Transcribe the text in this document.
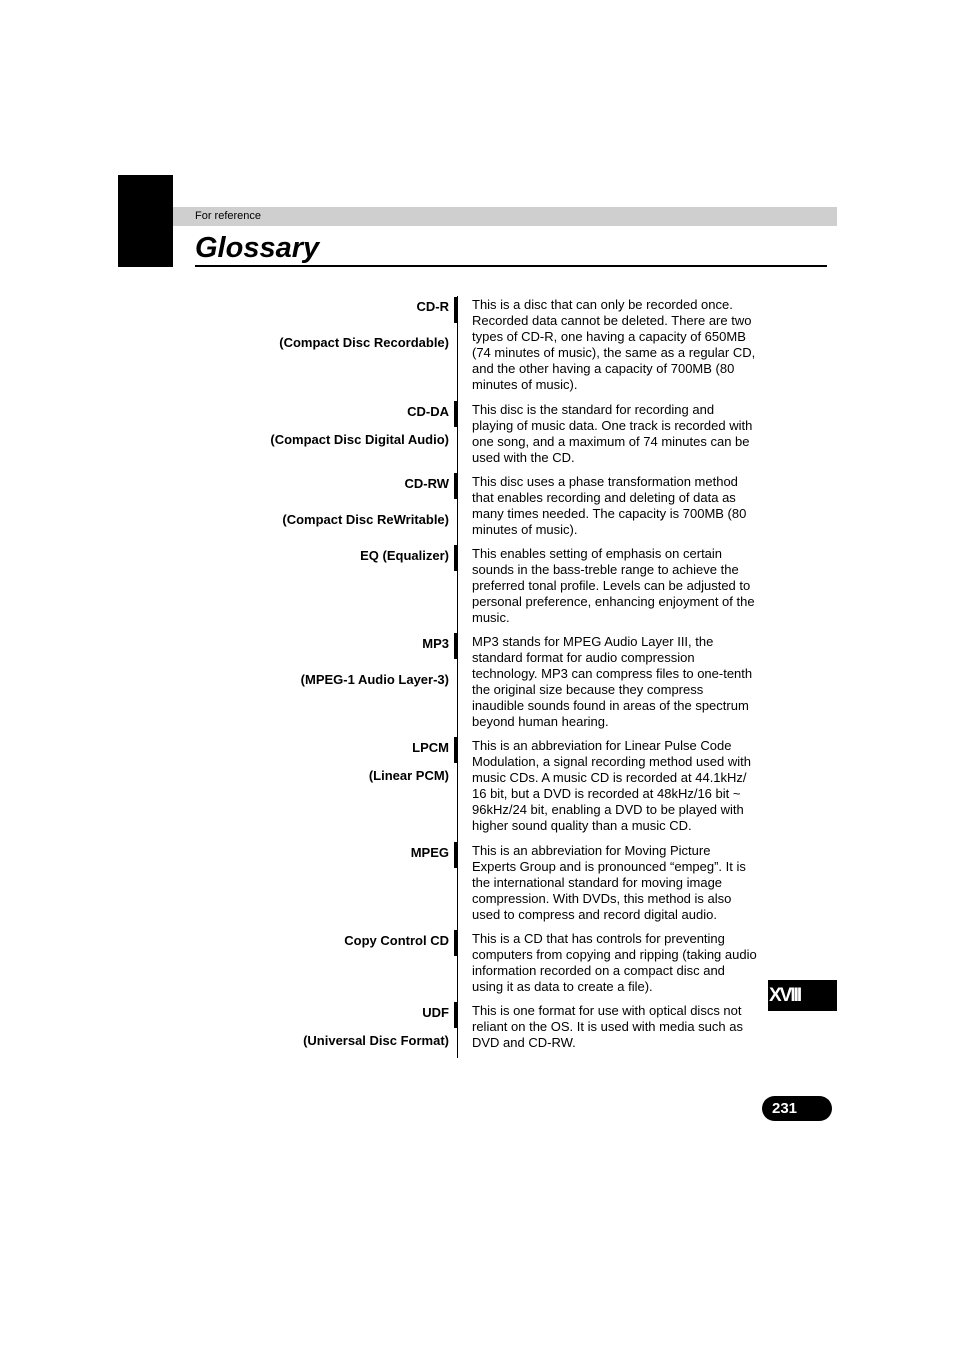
For reference
Glossary
CD-R
(Compact Disc Recordable)

This is a disc that can only be recorded once. Recorded data cannot be deleted. There are two types of CD-R, one having a capacity of 650MB (74 minutes of music), the same as a regular CD, and the other having a capacity of 700MB (80 minutes of music).

CD-DA
(Compact Disc Digital Audio)

This disc is the standard for recording and playing of music data. One track is recorded with one song, and a maximum of 74 minutes can be used with the CD.

CD-RW
(Compact Disc ReWritable)

This disc uses a phase transformation method that enables recording and deleting of data as many times needed. The capacity is 700MB (80 minutes of music).

EQ (Equalizer) This enables setting of emphasis on certain sounds in the bass-treble range to achieve the preferred tonal profile. Levels can be adjusted to personal preference, enhancing enjoyment of the music.

MP3
(MPEG-1 Audio Layer-3)

MP3 stands for MPEG Audio Layer III, the standard format for audio compression technology. MP3 can compress files to one-tenth the original size because they compress inaudible sounds found in areas of the spectrum beyond human hearing.

LPCM
(Linear PCM)

This is an abbreviation for Linear Pulse Code Modulation, a signal recording method used with music CDs. A music CD is recorded at 44.1kHz/ 16 bit, but a DVD is recorded at 48kHz/16 bit ~ 96kHz/24 bit, enabling a DVD to be played with higher sound quality than a music CD.

MPEG This is an abbreviation for Moving Picture Experts Group and is pronounced “empeg”. It is the international standard for moving image compression. With DVDs, this method is also used to compress and record digital audio.

Copy Control CD This is a CD that has controls for preventing computers from copying and ripping (taking audio information recorded on a compact disc and using it as data to create a file).

UDF
(Universal Disc Format)

This is one format for use with optical discs not reliant on the OS. It is used with media such as DVD and CD-RW.

XVIII
231
